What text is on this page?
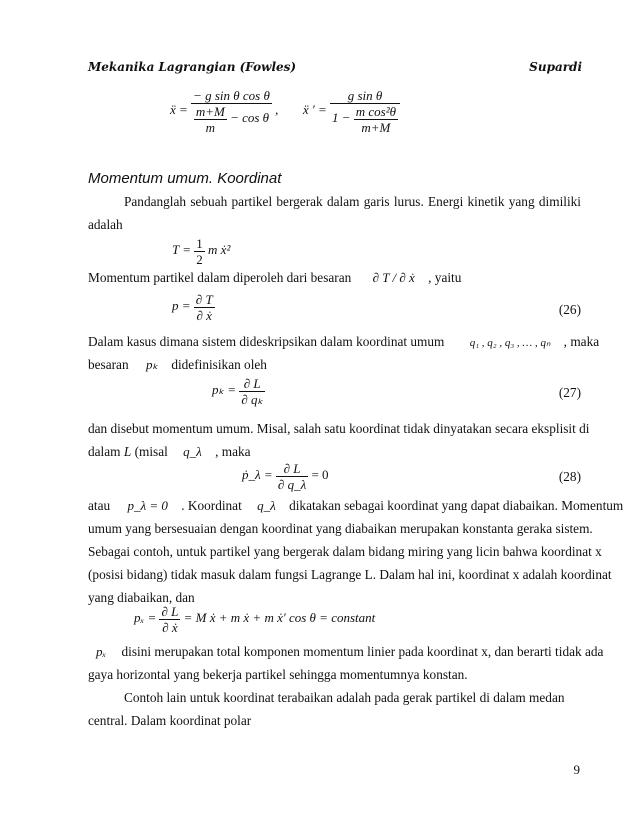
Mekanika Lagrangian (Fowles)	Supardi
ẍ = $\frac{\text{− g sin θ cos θ}}{\frac{m+M}{m} - \cos \theta}$ , ẍ ′ = $\frac{\text{g sin θ}}{1 - \frac{\text{m cos²θ}}{m+M}}$
Momentum umum. Koordinat
Pandanglah sebuah partikel bergerak dalam garis lurus. Energi kinetik yang dimiliki adalah
$T = \frac{1}{2}$ m ẋ²
Momentum partikel dalam diperoleh dari besaran ∂ T / ∂ ẋ , yaitu
$p = \frac{\partial T}{\text{∂ ẋ}}$	(26)
Dalam kasus dimana sistem dideskripsikan dalam koordinat umum q₁ , q₂ , q₃ , … , qₙ , maka
besaran pₖ didefinisikan oleh
$p_k = \frac{\partial L}{\text{∂ qₖ}}$	(27)
dan disebut momentum umum. Misal, salah satu koordinat tidak dinyatakan secara eksplisit di
dalam L (misal q_λ , maka
ṗ_λ = $\frac{\partial L}{\partial q\_\lambda} = 0$	(28)
atau p_λ = 0 . Koordinat q_λ dikatakan sebagai koordinat yang dapat diabaikan. Momentum
umum yang bersesuaian dengan koordinat yang diabaikan merupakan konstanta geraka sistem.
Sebagai contoh, untuk partikel yang bergerak dalam bidang miring yang licin bahwa koordinat x
(posisi bidang) tidak masuk dalam fungsi Lagrange L. Dalam hal ini, koordinat x adalah koordinat
yang diabaikan, dan
$p_x = \frac{\partial L}{\text{∂ ẋ}} = M$ ẋ + m ẋ + m ẋ′ cos θ = constant
pₓ disini merupakan total komponen momentum linier pada koordinat x, dan berarti tidak ada
gaya horizontal yang bekerja partikel sehingga momentumnya konstan.
Contoh lain untuk koordinat terabaikan adalah pada gerak partikel di dalam medan
central. Dalam koordinat polar
9
